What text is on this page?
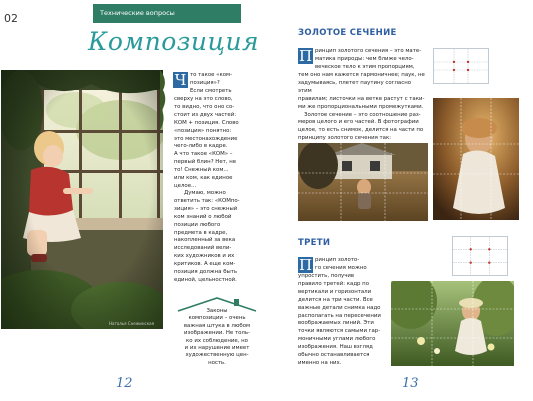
02	Технические вопросы
Композиция
Наталья Снежинская
Ч то такое «ком-

позиция»?

Если смотреть

сверху на это слово,

то видно, что оно со-

стоит из двух частей:

КОМ + позиция. Слово

«позиция» понятно:

это местонахождение

чего-либо в кадре.

А что такое «КОМ» –

первый блин? Нет, не

то! Снежный ком...

или ком, как единое

целое…

Думаю, можно

ответить так: «КОМпо-

зиция» – это снежный

ком знаний о любой

позиции любого

предмета в кадре,

накопленный за века

исследований вели-

ких художников и их

критиков. А еще ком-

позиция должна быть

единой, цельностной.

Законы

композиции – очень

важная штука в любом

изображении. Не толь-

ко их соблюдение, но

и их нарушение имеет

художественную цен-

ность.

12
ЗОЛОТОЕ СЕЧЕНИЕ
П ринцип золотого сечения – это мате-

матика природы: чем ближе чело-

веческое тело к этим пропорциям,

тем оно нам кажется гармоничнее; паук, не

задумываясь, плетет паутину согласно этим

правилам; листочки на ветке растут с таки-

ми же пропорциональными промежутками.

Золотое сечение – это соотношение раз-

меров целого и его частей. В фотографии

целое, то есть снимок, делится на части по

принципу золотого сечения так:

ТРЕТИ
П ринцип золото-

го сечения можно

упростить, получив

правило третей: кадр по

вертикали и горизонтали

делится на три части. Все

важные детали снимка надо

располагать на пересечении

воображаемых линий. Эти

точки являются самыми гар-

моничными углами любого

изображения. Наш взгляд

обычно останавливается

именно на них.

13
